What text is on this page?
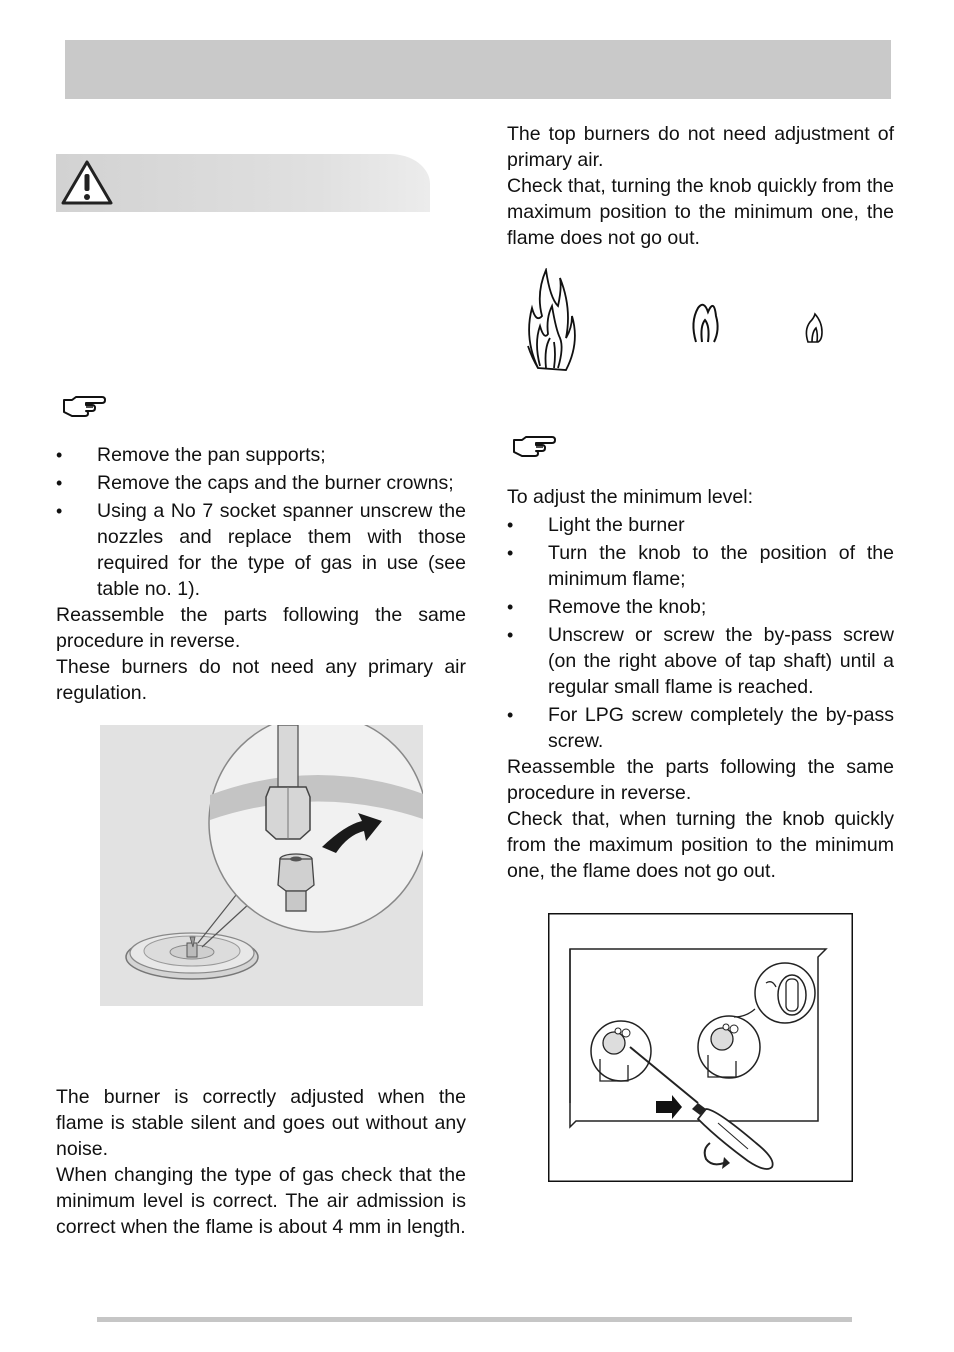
• Remove the pan supports;
• Remove the caps and the burner crowns;
• Using a No 7 socket spanner unscrew the nozzles and replace them with those required for the type of gas in use (see table no. 1).

Reassemble the parts following the same procedure in reverse.

These burners do not need any primary air regulation.

The burner is correctly adjusted when the flame is stable silent and goes out without any noise.

When changing the type of gas check that the minimum level is correct. The air admission is correct when the flame is about 4 mm in length.

The top burners do not need adjustment of primary air.

Check that, turning the knob quickly from the maximum position to the minimum one, the flame does not go out.

To adjust the minimum level:

• Light the burner
• Turn the knob to the position of the minimum flame;
• Remove the knob;
• Unscrew or screw the by-pass screw (on the right above of tap shaft) until a regular small flame is reached.
• For LPG screw completely the by-pass screw.

Reassemble the parts following the same procedure in reverse.

Check that, when turning the knob quickly from the maximum position to the minimum one, the flame does not go out.
